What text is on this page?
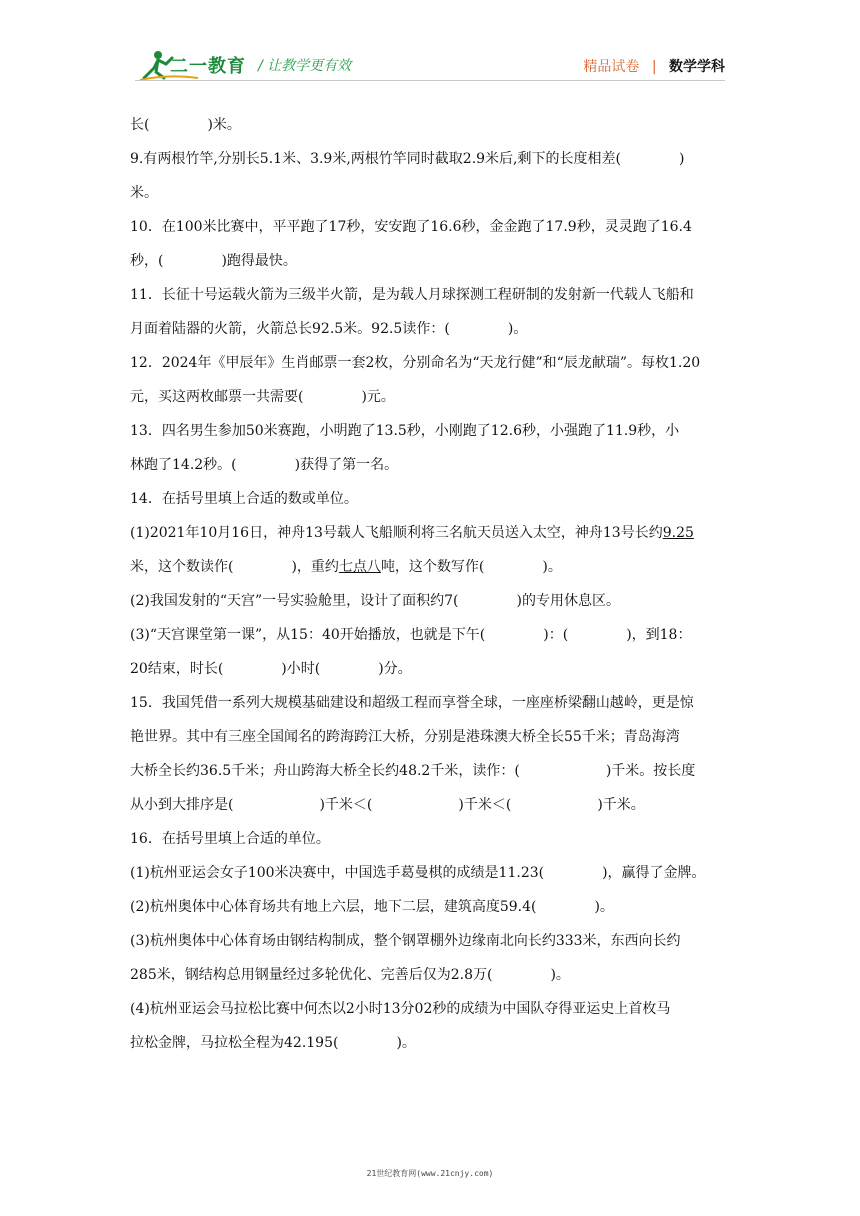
二一教育 / 让教学更有效	精品试卷 | 数学学科

长(	)米。

9.有两根竹竿,分别长5.1米、3.9米,两根竹竿同时截取2.9米后,剩下的长度相差(	)
米。

10．在100米比赛中，平平跑了17秒，安安跑了16.6秒，金金跑了17.9秒，灵灵跑了16.4
秒，(	)跑得最快。

11．长征十号运载火箭为三级半火箭，是为载人月球探测工程研制的发射新一代载人飞船和
月面着陆器的火箭，火箭总长92.5米。92.5读作：(	)。

12．2024年《甲辰年》生肖邮票一套2枚，分别命名为“天龙行健”和“辰龙献瑞”。每枚1.20
元，买这两枚邮票一共需要(	)元。

13．四名男生参加50米赛跑，小明跑了13.5秒，小刚跑了12.6秒，小强跑了11.9秒，小
林跑了14.2秒。(	)获得了第一名。

14．在括号里填上合适的数或单位。
(1)2021年10月16日，神舟13号载人飞船顺利将三名航天员送入太空，神舟13号长约9.25
米，这个数读作(	)，重约七点八吨，这个数写作(	)。
(2)我国发射的“天宫”一号实验舱里，设计了面积约7(	)的专用休息区。
(3)“天宫课堂第一课”，从15：40开始播放，也就是下午(	)：(	)，到18：
20结束，时长(	)小时(	)分。

15．我国凭借一系列大规模基础建设和超级工程而享誉全球，一座座桥梁翻山越岭，更是惊
艳世界。其中有三座全国闻名的跨海跨江大桥，分别是港珠澳大桥全长55千米；青岛海湾
大桥全长约36.5千米；舟山跨海大桥全长约48.2千米，读作：(	)千米。按长度
从小到大排序是(	)千米＜(	)千米＜(	)千米。

16．在括号里填上合适的单位。
(1)杭州亚运会女子100米决赛中，中国选手葛曼棋的成绩是11.23(	)，赢得了金牌。
(2)杭州奥体中心体育场共有地上六层，地下二层，建筑高度59.4(	)。
(3)杭州奥体中心体育场由钢结构制成，整个钢罩棚外边缘南北向长约333米，东西向长约
285米，钢结构总用钢量经过多轮优化、完善后仅为2.8万(	)。
(4)杭州亚运会马拉松比赛中何杰以2小时13分02秒的成绩为中国队夺得亚运史上首枚马
拉松金牌，马拉松全程为42.195(	)。

21世纪教育网(www.21cnjy.com)
